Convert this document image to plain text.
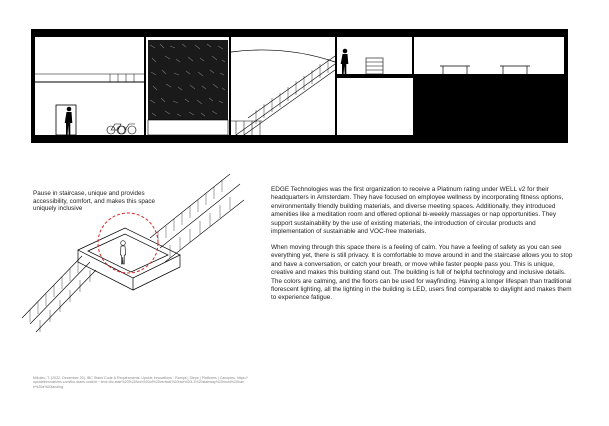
Pause in staircase, unique and provides accessibility, comfort, and makes this space uniquely inclusive

EDGE Technologies was the first organization to receive a Platinum rating under WELL v2 for their headquarters in Amsterdam. They have focused on employee wellness by incorporating fitness options, environmentally friendly building materials, and diverse meeting spaces. Additionally, they introduced amenities like a meditation room and offered optional bi-weekly massages or nap opportunities. They support sustainability by the use of existing materials, the introduction of circular products and implementation of sustainable and VOC-free materials.

When moving through this space there is a feeling of calm. You have a feeling of safety as you can see everything yet, there is still privacy. It is comfortable to move around in and the staircase allows you to stop and have a conversation, or catch your breath, or move while faster people pass you. This is unique, creative and makes this building stand out. The building is full of helpful technology and inclusive details. The colors are calming, and the floors can be used for wayfinding. Having a longer lifespan than traditional florescent lighting, all the lighting in the building is LED, users find comparable to daylight and makes them to experience fatigue.

Mikulec, T. (2022, December 20). IBC Stairs Code & Requirements. Upside Innovations · Ramps | Steps | Platforms | Canopies. https://upsideinnovations.com/ibc-stairs-code/#:~:text=ibc-stair%20%20Non%20of%20vertical%20rise%20L3%20stairway%20must%20have%20a%20landing.
